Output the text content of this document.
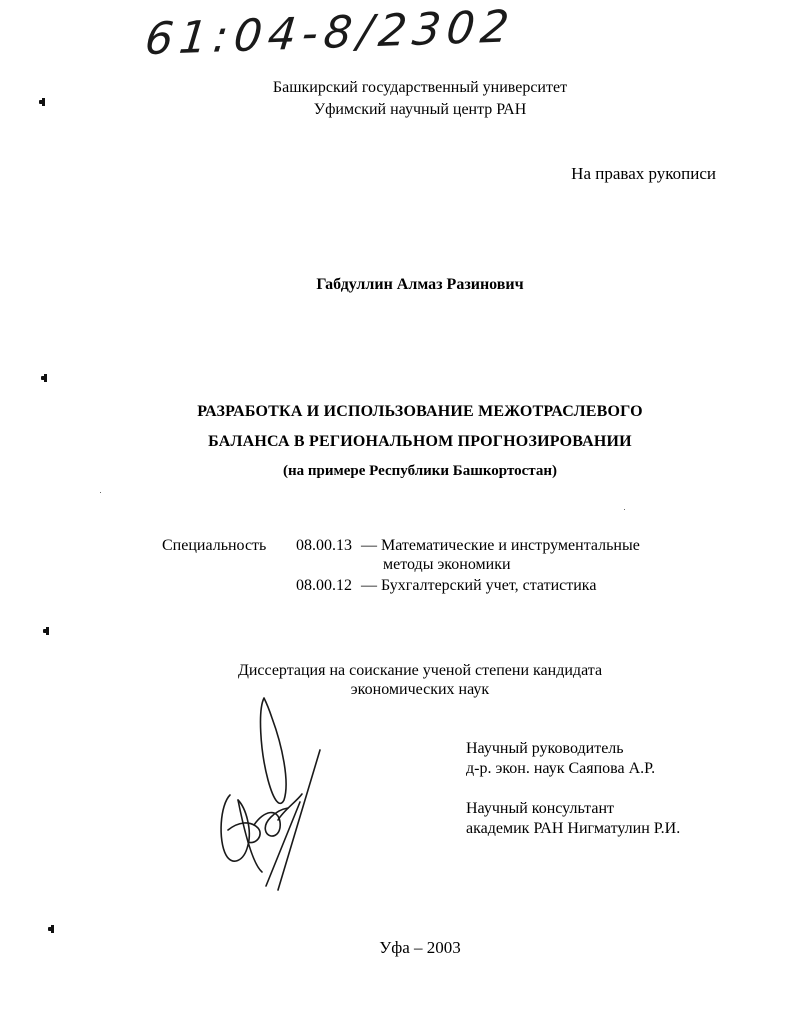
61:04-8/2302
Башкирский государственный университет
Уфимский научный центр РАН
На правах рукописи
Габдуллин Алмаз Разинович
РАЗРАБОТКА И ИСПОЛЬЗОВАНИЕ МЕЖОТРАСЛЕВОГО
БАЛАНСА В РЕГИОНАЛЬНОМ ПРОГНОЗИРОВАНИИ
(на примере Республики Башкортостан)
Специальность 08.00.13 — Математические и инструментальные
методы экономики
08.00.12 — Бухгалтерский учет, статистика
Диссертация на соискание ученой степени кандидата
экономических наук
Научный руководитель
д-р. экон. наук Саяпова А.Р.
Научный консультант
академик РАН Нигматулин Р.И.
Уфа – 2003
